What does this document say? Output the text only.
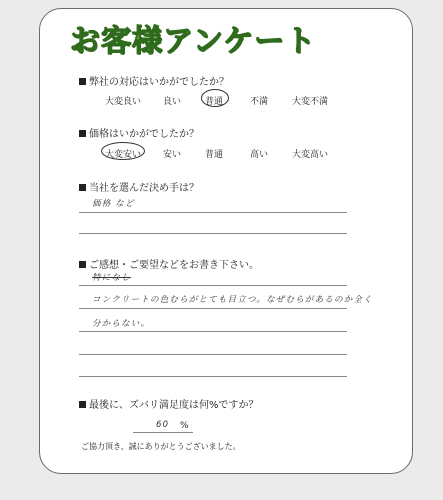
お客様アンケート
弊社の対応はいかがでしたか？
大変良い 良い	普通	不満	大変不満
価格はいかがでしたか？
大変安い 安い	普通	高い	大変高い
当社を選んだ決め手は？
価格 など
ご感想・ご要望などをお書き下さい。
特になし
コンクリートの色むらがとても目立つ。なぜむらがあるのか全く
分からない。
最後に、ズバリ満足度は何%ですか？
60 %
ご協力頂き、誠にありがとうございました。
